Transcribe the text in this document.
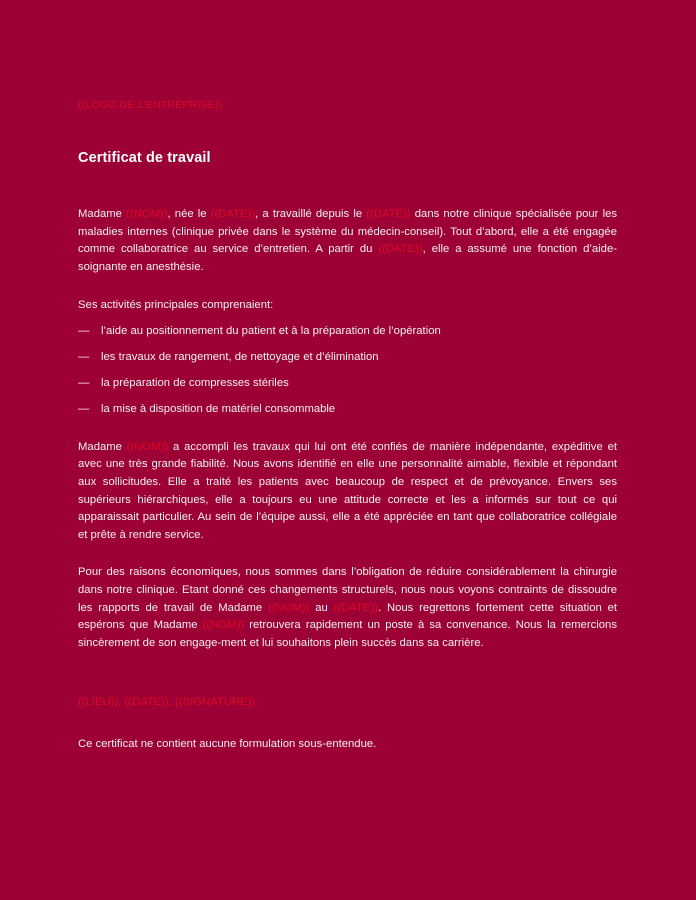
((LOGO DE L’ENTREPRISE))

Certificat de travail

Madame ((NOM)), née le ((DATE)), a travaillé depuis le ((DATE)) dans notre clinique spécialisée pour les maladies internes (clinique privée dans le système du médecin-conseil). Tout d’abord, elle a été engagée comme collaboratrice au service d’entretien. A partir du ((DATE)), elle a assumé une fonction d’aide-soignante en anesthésie.

Ses activités principales comprenaient:

— l’aide au positionnement du patient et à la préparation de l’opération
— les travaux de rangement, de nettoyage et d’élimination
— la préparation de compresses stériles
— la mise à disposition de matériel consommable

Madame ((NOM)) a accompli les travaux qui lui ont été confiés de manière indépendante, expéditive et avec une très grande fiabilité. Nous avons identifié en elle une personnalité aimable, flexible et répondant aux sollicitudes. Elle a traité les patients avec beaucoup de respect et de prévoyance. Envers ses supérieurs hiérarchiques, elle a toujours eu une attitude correcte et les a informés sur tout ce qui apparaissait particulier. Au sein de l’équipe aussi, elle a été appréciée en tant que collaboratrice collégiale et prête à rendre service.

Pour des raisons économiques, nous sommes dans l’obligation de réduire considérablement la chirurgie dans notre clinique. Etant donné ces changements structurels, nous nous voyons contraints de dissoudre les rapports de travail de Madame ((NOM)) au ((DATE)). Nous regrettons fortement cette situation et espérons que Madame ((NOM)) retrouvera rapidement un poste à sa convenance. Nous la remercions sincèrement de son engage-ment et lui souhaitons plein succès dans sa carrière.

((LIEU)), ((DATE)), ((SIGNATURE))

Ce certificat ne contient aucune formulation sous-entendue.
